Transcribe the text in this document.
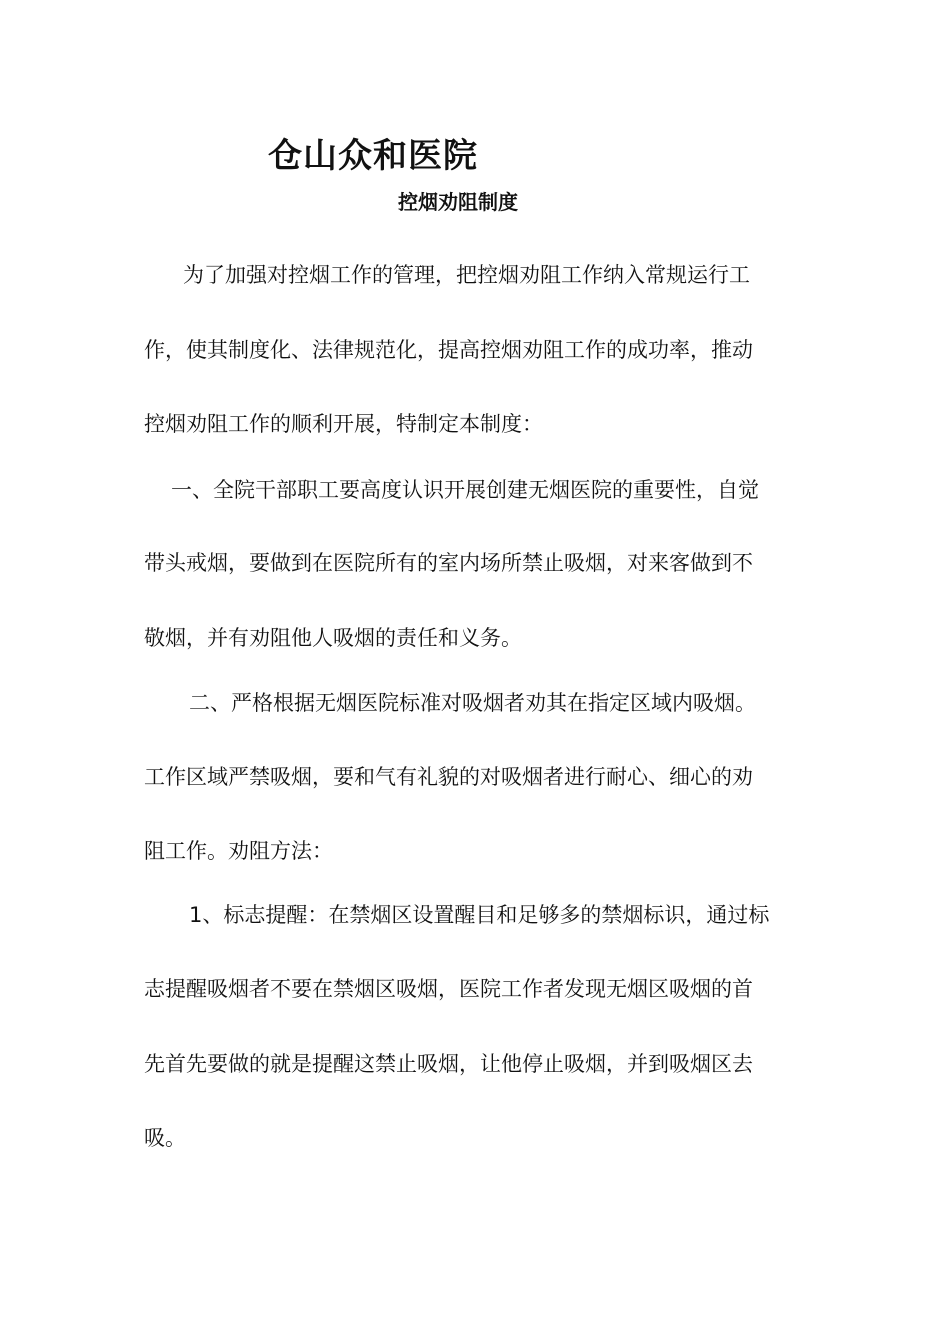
仓山众和医院
控烟劝阻制度

为了加强对控烟工作的管理，把控烟劝阻工作纳入常规运行工

作，使其制度化、法律规范化，提高控烟劝阻工作的成功率，推动

控烟劝阻工作的顺利开展，特制定本制度：

一、全院干部职工要高度认识开展创建无烟医院的重要性，自觉

带头戒烟，要做到在医院所有的室内场所禁止吸烟，对来客做到不

敬烟，并有劝阻他人吸烟的责任和义务。

二、严格根据无烟医院标准对吸烟者劝其在指定区域内吸烟。

工作区域严禁吸烟，要和气有礼貌的对吸烟者进行耐心、细心的劝

阻工作。劝阻方法：

1、标志提醒：在禁烟区设置醒目和足够多的禁烟标识，通过标

志提醒吸烟者不要在禁烟区吸烟，医院工作者发现无烟区吸烟的首

先首先要做的就是提醒这禁止吸烟，让他停止吸烟，并到吸烟区去

吸。
